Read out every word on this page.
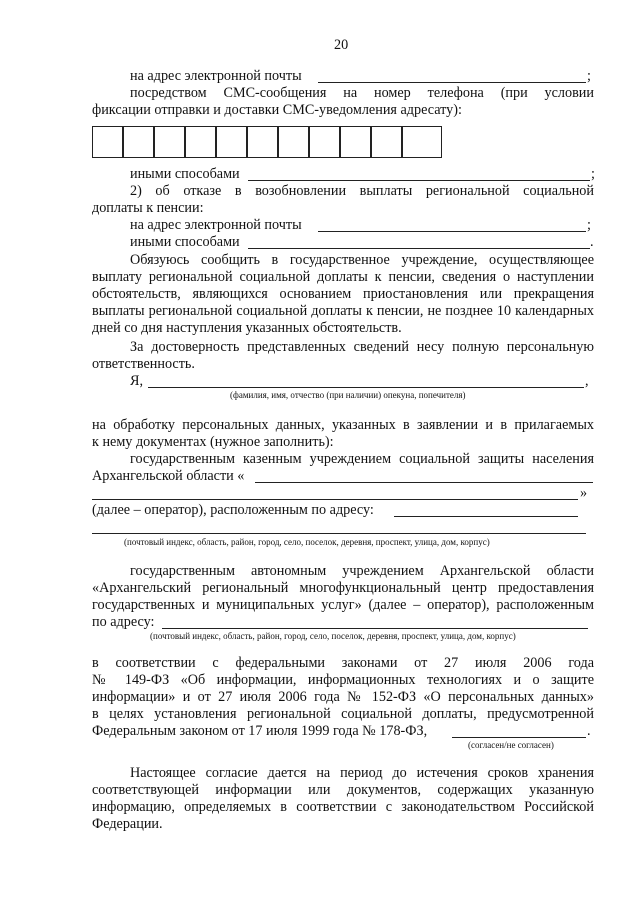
20
на адрес электронной почты	;
посредством СМС-сообщения на номер телефона (при условии
фиксации отправки и доставки СМС-уведомления адресату):
иными способами	;
2) об отказе в возобновлении выплаты региональной социальной
доплаты к пенсии:
на адрес электронной почты	;
иными способами	.
Обязуюсь сообщить в государственное учреждение, осуществляющее
выплату региональной социальной доплаты к пенсии, сведения о наступлении
обстоятельств, являющихся основанием приостановления или прекращения
выплаты региональной социальной доплаты к пенсии, не позднее 10 календарных
дней со дня наступления указанных обстоятельств.
За достоверность представленных сведений несу полную персональную
ответственность.
Я,	,
(фамилия, имя, отчество (при наличии) опекуна, попечителя)
на обработку персональных данных, указанных в заявлении и в прилагаемых
к нему документах (нужное заполнить):
государственным казенным учреждением социальной защиты населения
Архангельской области «
»
(далее – оператор), расположенным по адресу:
(почтовый индекс, область, район, город, село, поселок, деревня, проспект, улица, дом, корпус)
государственным автономным учреждением Архангельской области
«Архангельский региональный многофункциональный центр предоставления
государственных и муниципальных услуг» (далее – оператор), расположенным
по адресу:
(почтовый индекс, область, район, город, село, поселок, деревня, проспект, улица, дом, корпус)
в соответствии с федеральными законами от 27 июля 2006 года
№ 149-ФЗ «Об информации, информационных технологиях и о защите
информации» и от 27 июля 2006 года № 152-ФЗ «О персональных данных»
в целях установления региональной социальной доплаты, предусмотренной
Федеральным законом от 17 июля 1999 года № 178-ФЗ,	.
(согласен/не согласен)
Настоящее согласие дается на период до истечения сроков хранения
соответствующей информации или документов, содержащих указанную
информацию, определяемых в соответствии с законодательством Российской
Федерации.
